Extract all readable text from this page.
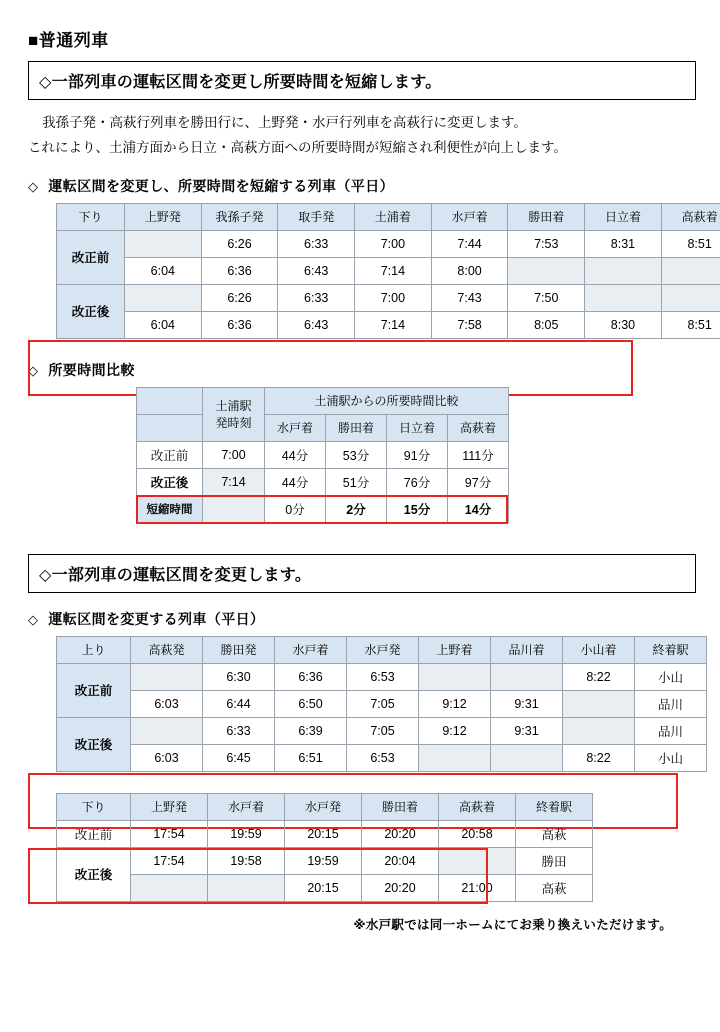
■普通列車
◇一部列車の運転区間を変更し所要時間を短縮します。

我孫子発・高萩行列車を勝田行に、上野発・水戸行列車を高萩行に変更します。

これにより、土浦方面から日立・高萩方面への所要時間が短縮され利便性が向上します。

◇ 運転区間を変更し、所要時間を短縮する列車（平日）
下り	上野発	我孫子発	取手発	土浦着	水戸着	勝田着	日立着	高萩着
改正前		6:26	6:33	7:00	7:44	7:53	8:31	8:51
	6:04	6:36	6:43	7:14	8:00			
改正後		6:26	6:33	7:00	7:43	7:50		
	6:04	6:36	6:43	7:14	7:58	8:05	8:30	8:51
◇ 所要時間比較

	土浦駅
発時刻	土浦駅からの所要時間比較			
		水戸着	勝田着	日立着	高萩着
改正前	7:00	44分	53分	91分	111分
改正後	7:14	44分	51分	76分	97分
短縮時間		0分	2分	15分	14分
◇一部列車の運転区間を変更します。
◇ 運転区間を変更する列車（平日）
上り	高萩発	勝田発	水戸着	水戸発	上野着	品川着	小山着	終着駅
改正前		6:30	6:36	6:53			8:22	小山
	6:03	6:44	6:50	7:05	9:12	9:31		品川
改正後		6:33	6:39	7:05	9:12	9:31		品川
	6:03	6:45	6:51	6:53			8:22	小山
下り	上野発	水戸着	水戸発	勝田着	高萩着	終着駅
改正前	17:54	19:59	20:15	20:20	20:58	高萩
改正後	17:54	19:58	19:59	20:04		勝田
			20:15	20:20	21:00	高萩
※水戸駅では同一ホームにてお乗り換えいただけます。
